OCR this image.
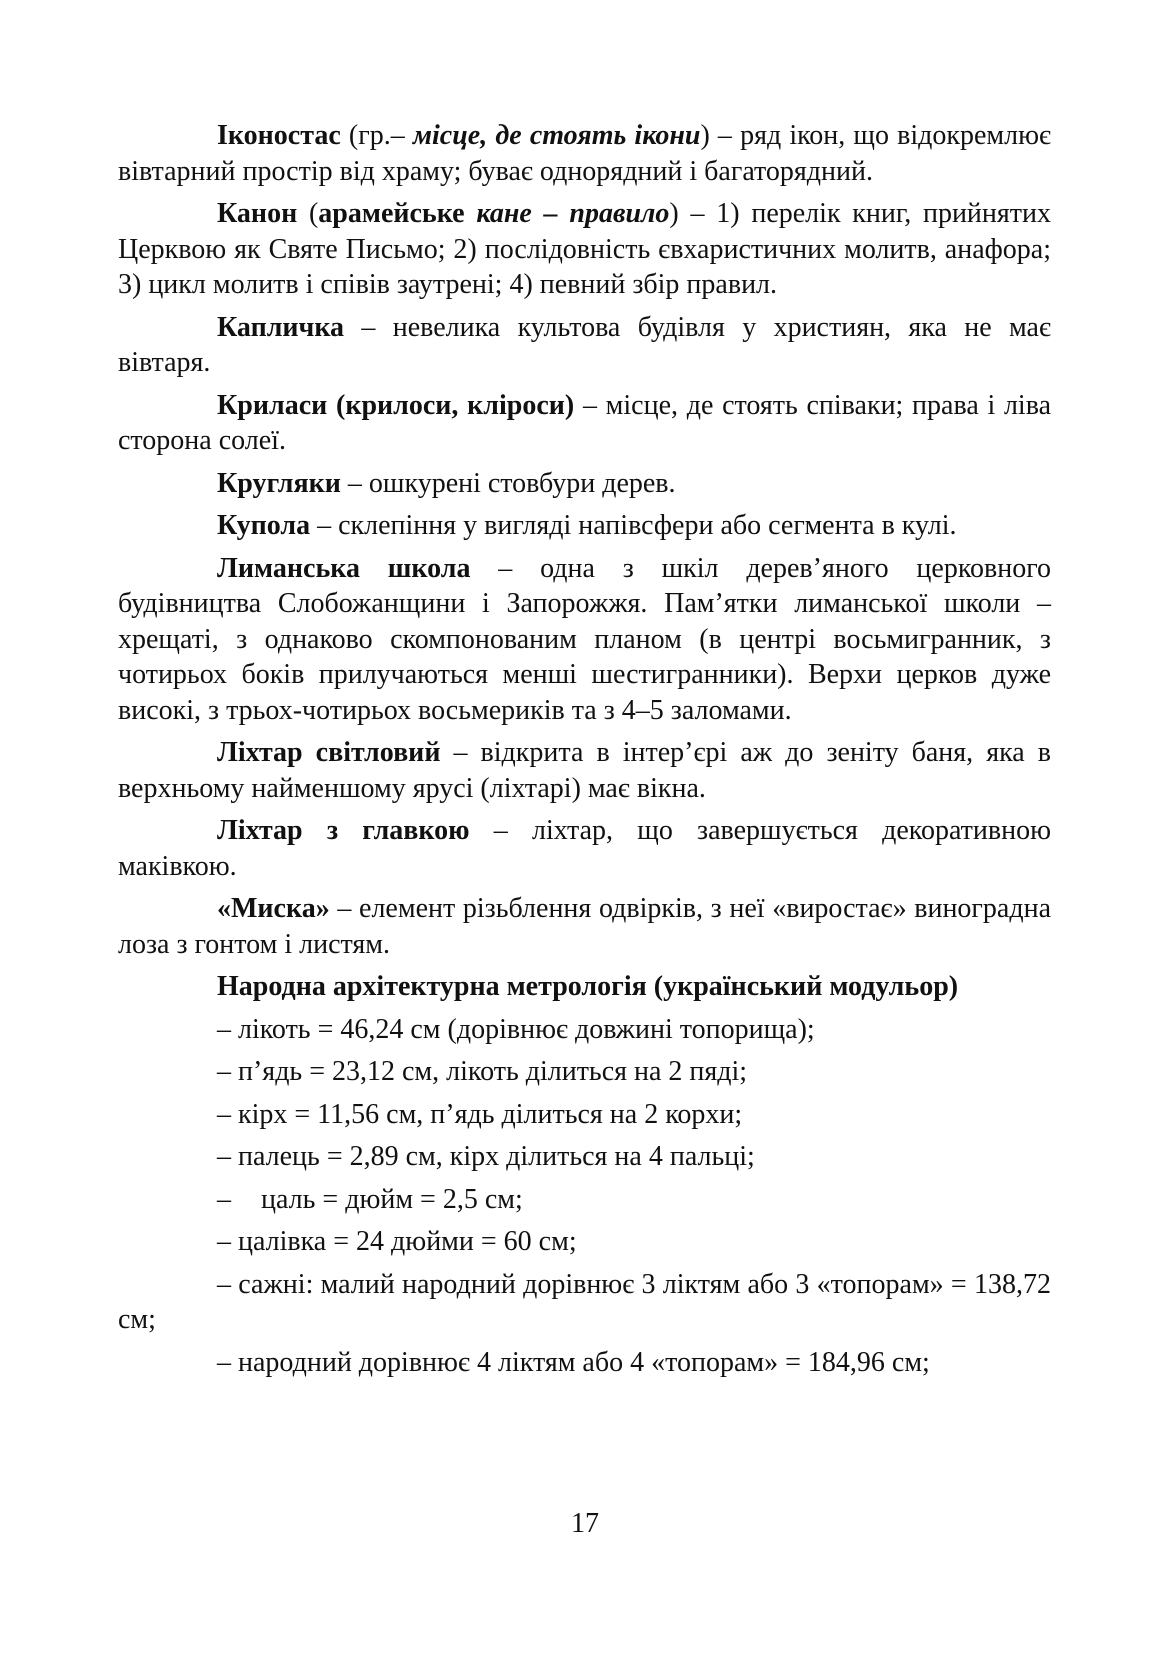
Іконостас (гр.– місце, де стоять ікони) – ряд ікон, що відокремлює вівтарний простір від храму; буває однорядний і багаторядний.

Канон (арамейське кане – правило) – 1) перелік книг, прийнятих Церквою як Святе Письмо; 2) послідовність євхаристичних молитв, анафора; 3) цикл молитв і співів заутрені; 4) певний збір правил.

Капличка – невелика культова будівля у християн, яка не має вівтаря.

Криласи (крилоси, кліроси) – місце, де стоять співаки; права і ліва сторона солеї.

Кругляки – ошкурені стовбури дерев.

Купола – склепіння у вигляді напівсфери або сегмента в кулі.

Лиманська школа – одна з шкіл дерев’яного церковного будівництва Слобожанщини і Запорожжя. Пам’ятки лиманської школи – хрещаті, з однаково скомпонованим планом (в центрі восьмигранник, з чотирьох боків прилучаються менші шестигранники). Верхи церков дуже високі, з трьох-чотирьох восьмериків та з 4–5 заломами.

Ліхтар світловий – відкрита в інтер’єрі аж до зеніту баня, яка в верхньому найменшому ярусі (ліхтарі) має вікна.

Ліхтар з главкою – ліхтар, що завершується декоративною маківкою.

«Миска» – елемент різьблення одвірків, з неї «виростає» виноградна лоза з гонтом і листям.

Народна архітектурна метрологія (український модульор)

– лікоть = 46,24 см (дорівнює довжині топорища);

– п’ядь = 23,12 см, лікоть ділиться на 2 пяді;

– кірх = 11,56 см, п’ядь ділиться на 2 корхи;

– палець = 2,89 см, кірх ділиться на 4 пальці;

– цаль = дюйм = 2,5 см;

– цалівка = 24 дюйми = 60 см;

– сажні: малий народний дорівнює 3 ліктям або 3 «топорам» = 138,72 см;

– народний дорівнює 4 ліктям або 4 «топорам» = 184,96 см;

17
